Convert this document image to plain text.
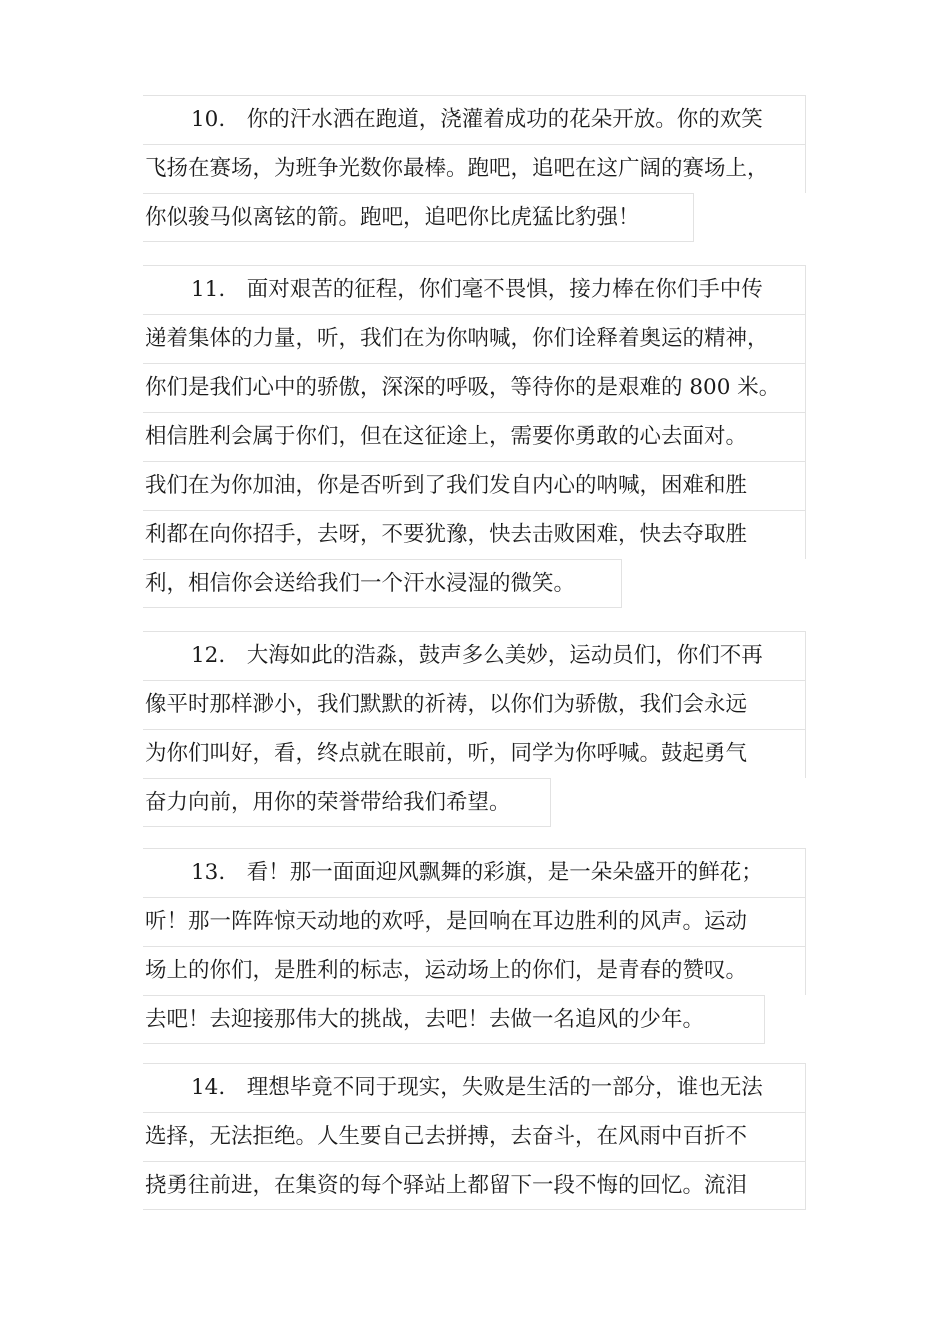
10.　你的汗水洒在跑道，浇灌着成功的花朵开放。你的欢笑
飞扬在赛场，为班争光数你最棒。跑吧，追吧在这广阔的赛场上，
你似骏马似离铉的箭。跑吧，追吧你比虎猛比豹强！
11.　面对艰苦的征程，你们毫不畏惧，接力棒在你们手中传
递着集体的力量，听，我们在为你呐喊，你们诠释着奥运的精神，
你们是我们心中的骄傲，深深的呼吸，等待你的是艰难的 800 米。
相信胜利会属于你们，但在这征途上，需要你勇敢的心去面对。
我们在为你加油，你是否听到了我们发自内心的呐喊，困难和胜
利都在向你招手，去呀，不要犹豫，快去击败困难，快去夺取胜
利，相信你会送给我们一个汗水浸湿的微笑。
12.　大海如此的浩淼，鼓声多么美妙，运动员们，你们不再
像平时那样渺小，我们默默的祈祷，以你们为骄傲，我们会永远
为你们叫好，看，终点就在眼前，听，同学为你呼喊。鼓起勇气
奋力向前，用你的荣誉带给我们希望。
13.　看！那一面面迎风飘舞的彩旗，是一朵朵盛开的鲜花；
听！那一阵阵惊天动地的欢呼，是回响在耳边胜利的风声。运动
场上的你们，是胜利的标志，运动场上的你们，是青春的赞叹。
去吧！去迎接那伟大的挑战，去吧！去做一名追风的少年。
14.　理想毕竟不同于现实，失败是生活的一部分，谁也无法
选择，无法拒绝。人生要自己去拼搏，去奋斗，在风雨中百折不
挠勇往前进，在集资的每个驿站上都留下一段不悔的回忆。流泪
